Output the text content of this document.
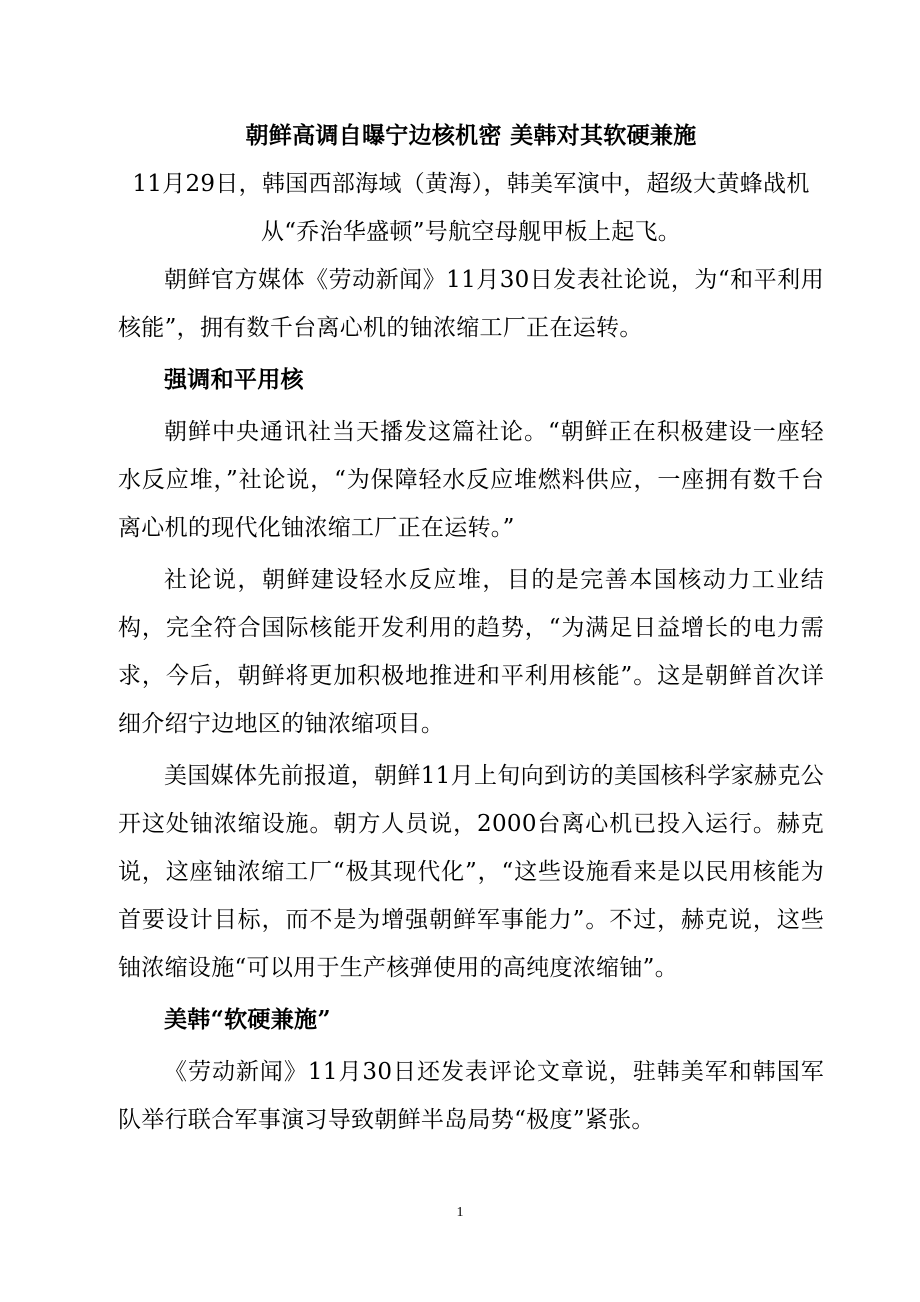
朝鲜高调自曝宁边核机密 美韩对其软硬兼施

11月29日，韩国西部海域（黄海），韩美军演中，超级大黄蜂战机从“乔治华盛顿”号航空母舰甲板上起飞。

朝鲜官方媒体《劳动新闻》11月30日发表社论说，为“和平利用核能”，拥有数千台离心机的铀浓缩工厂正在运转。

强调和平用核

朝鲜中央通讯社当天播发这篇社论。“朝鲜正在积极建设一座轻水反应堆，”社论说，“为保障轻水反应堆燃料供应，一座拥有数千台离心机的现代化铀浓缩工厂正在运转。”

社论说，朝鲜建设轻水反应堆，目的是完善本国核动力工业结构，完全符合国际核能开发利用的趋势，“为满足日益增长的电力需求，今后，朝鲜将更加积极地推进和平利用核能”。这是朝鲜首次详细介绍宁边地区的铀浓缩项目。

美国媒体先前报道，朝鲜11月上旬向到访的美国核科学家赫克公开这处铀浓缩设施。朝方人员说，2000台离心机已投入运行。赫克说，这座铀浓缩工厂“极其现代化”，“这些设施看来是以民用核能为首要设计目标，而不是为增强朝鲜军事能力”。不过，赫克说，这些铀浓缩设施“可以用于生产核弹使用的高纯度浓缩铀”。

美韩“软硬兼施”

《劳动新闻》11月30日还发表评论文章说，驻韩美军和韩国军队举行联合军事演习导致朝鲜半岛局势“极度”紧张。

1
